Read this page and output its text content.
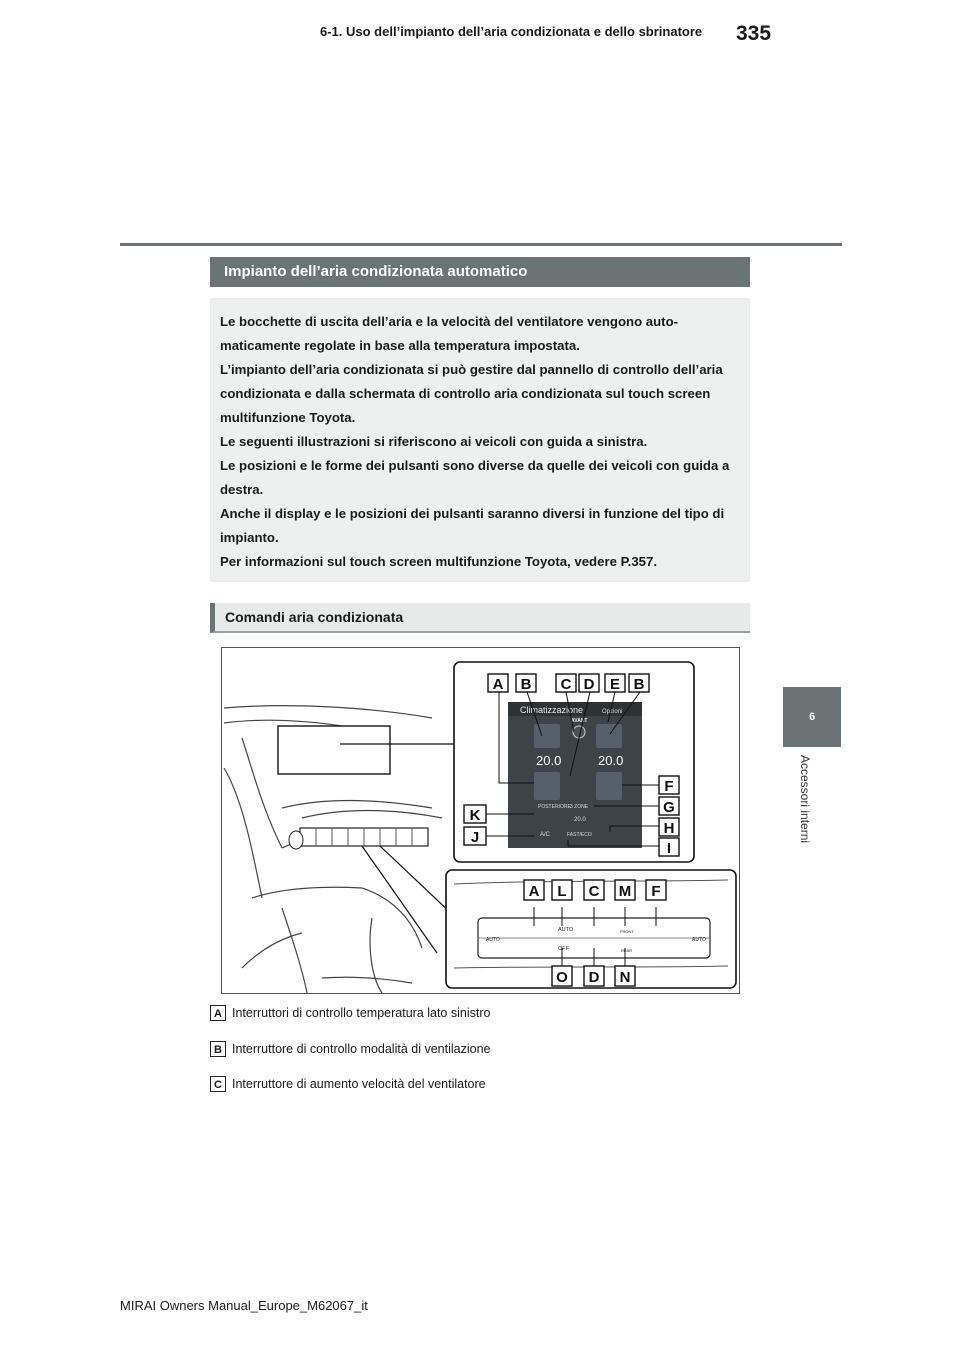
335
6-1. Uso dell’impianto dell’aria condizionata e dello sbrinatore
6
Accessori interni
Impianto dell’aria condizionata automatico

Le bocchette di uscita dell’aria e la velocità del ventilatore vengono auto-maticamente regolate in base alla temperatura impostata.

L’impianto dell’aria condizionata si può gestire dal pannello di controllo dell’aria condizionata e dalla schermata di controllo aria condizionata sul touch screen multifunzione Toyota.

Le seguenti illustrazioni si riferiscono ai veicoli con guida a sinistra.

Le posizioni e le forme dei pulsanti sono diverse da quelle dei veicoli con guida a destra.

Anche il display e le posizioni dei pulsanti saranno diversi in funzione del tipo di impianto.

Per informazioni sul touch screen multifunzione Toyota, vedere P.357.

Comandi aria condizionata
Climatizzazione	Opzioni
AVANT
20.0	20.0
POSTERIORE 3 ZONE
20.0
A/C	FAST/ECO
AUTO	AUTO
AUTO
OFF
FRONT
REAR
A B C D E B
F
G
H
I
K
J
A L C M F
O D N
A Interruttori di controllo temperatura lato sinistro
B Interruttore di controllo modalità di ventilazione
C Interruttore di aumento velocità del ventilatore
MIRAI Owners Manual_Europe_M62067_it
